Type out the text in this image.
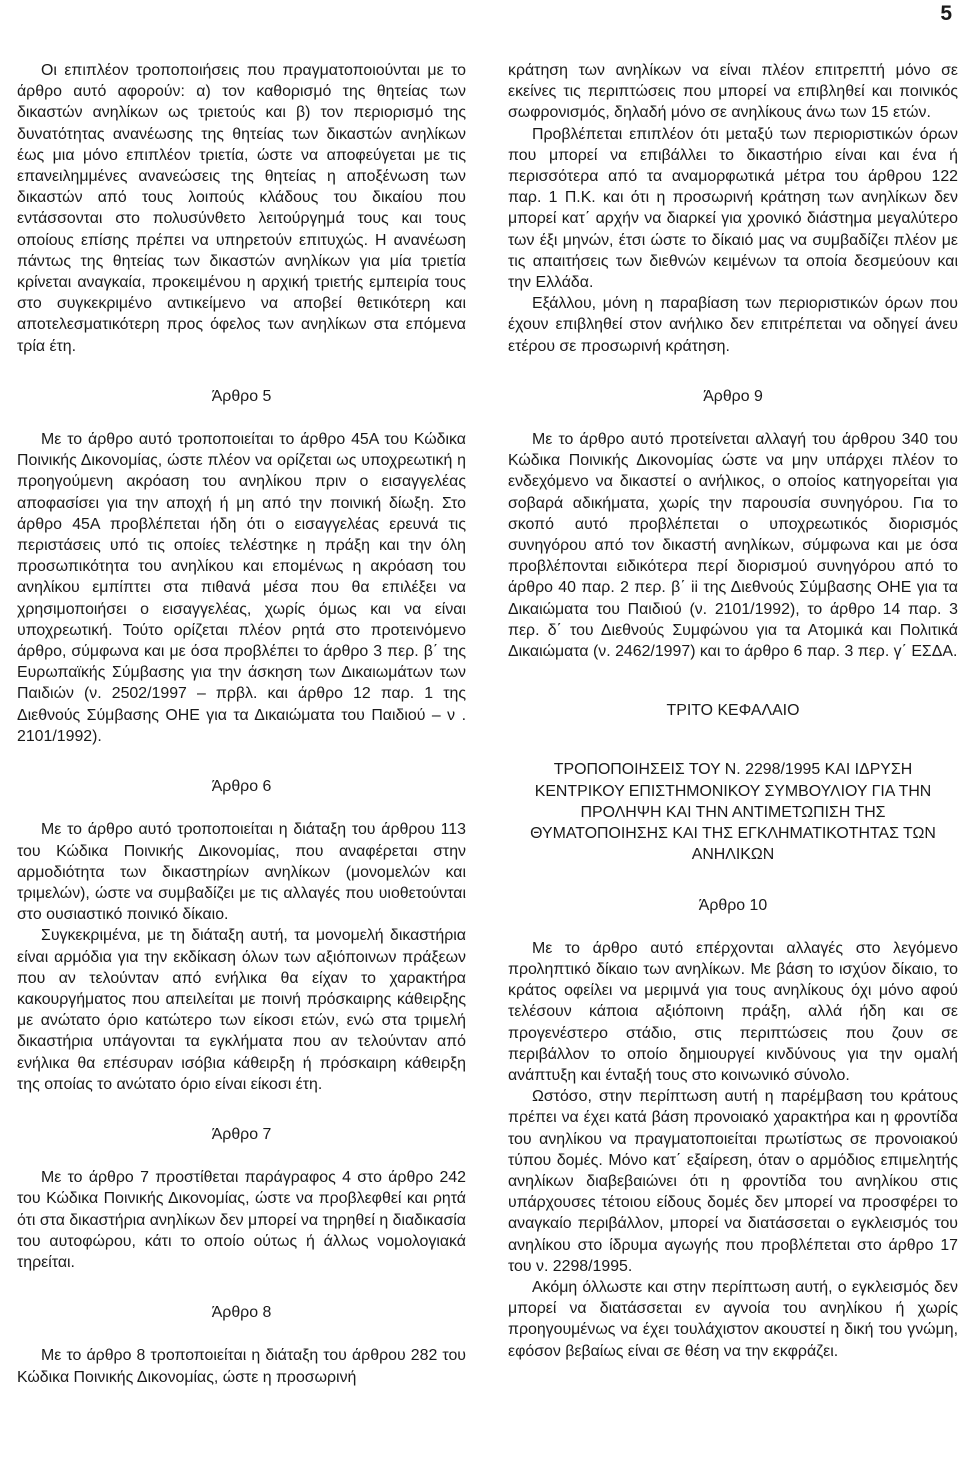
5

Οι επιπλέον τροποποιήσεις που πραγματοποιούνται με το άρθρο αυτό αφορούν: α) τον καθορισμό της θητείας των δικαστών ανηλίκων ως τριετούς και β) τον περιορισμό της δυνατότητας ανανέωσης της θητείας των δικαστών ανηλίκων έως μια μόνο επιπλέον τριετία, ώστε να αποφεύγεται με τις επανειλημμένες ανανεώσεις της θητείας η αποξένωση των δικαστών από τους λοιπούς κλάδους του δικαίου που εντάσσονται στο πολυσύνθετο λειτούργημά τους και τους οποίους επίσης πρέπει να υπηρετούν επιτυχώς. Η ανανέωση πάντως της θητείας των δικαστών ανηλίκων για μία τριετία κρίνεται αναγκαία, προκειμένου η αρχική τριετής εμπειρία τους στο συγκεκριμένο αντικείμενο να αποβεί θετικότερη και αποτελεσματικότερη προς όφελος των ανηλίκων στα επόμενα τρία έτη.

Άρθρο 5

Με το άρθρο αυτό τροποποιείται το άρθρο 45Α του Κώδικα Ποινικής Δικονομίας, ώστε πλέον να ορίζεται ως υποχρεωτική η προηγούμενη ακρόαση του ανηλίκου πριν ο εισαγγελέας αποφασίσει για την αποχή ή μη από την ποινική δίωξη. Στο άρθρο 45Α προβλέπεται ήδη ότι ο εισαγγελέας ερευνά τις περιστάσεις υπό τις οποίες τελέστηκε η πράξη και την όλη προσωπικότητα του ανηλίκου και επομένως η ακρόαση του ανηλίκου εμπίπτει στα πιθανά μέσα που θα επιλέξει να χρησιμοποιήσει ο εισαγγελέας, χωρίς όμως και να είναι υποχρεωτική. Τούτο ορίζεται πλέον ρητά στο προτεινόμενο άρθρο, σύμφωνα και με όσα προβλέπει το άρθρο 3 περ. β΄ της Ευρωπαϊκής Σύμβασης για την άσκηση των Δικαιωμάτων των Παιδιών (ν. 2502/1997 – πρβλ. και άρθρο 12 παρ. 1 της Διεθνούς Σύμβασης ΟΗΕ για τα Δικαιώματα του Παιδιού – ν . 2101/1992).

Άρθρο 6

Με το άρθρο αυτό τροποποιείται η διάταξη του άρθρου 113 του Κώδικα Ποινικής Δικονομίας, που αναφέρεται στην αρμοδιότητα των δικαστηρίων ανηλίκων (μονομελών και τριμελών), ώστε να συμβαδίζει με τις αλλαγές που υιοθετούνται στο ουσιαστικό ποινικό δίκαιο.

Συγκεκριμένα, με τη διάταξη αυτή, τα μονομελή δικαστήρια είναι αρμόδια για την εκδίκαση όλων των αξιόποινων πράξεων που αν τελούνταν από ενήλικα θα είχαν το χαρακτήρα κακουργήματος που απειλείται με ποινή πρόσκαιρης κάθειρξης με ανώτατο όριο κατώτερο των είκοσι ετών, ενώ στα τριμελή δικαστήρια υπάγονται τα εγκλήματα που αν τελούνταν από ενήλικα θα επέσυραν ισόβια κάθειρξη ή πρόσκαιρη κάθειρξη της οποίας το ανώτατο όριο είναι είκοσι έτη.

Άρθρο 7

Με το άρθρο 7 προστίθεται παράγραφος 4 στο άρθρο 242 του Κώδικα Ποινικής Δικονομίας, ώστε να προβλεφθεί και ρητά ότι στα δικαστήρια ανηλίκων δεν μπορεί να τηρηθεί η διαδικασία του αυτοφώρου, κάτι το οποίο ούτως ή άλλως νομολογιακά τηρείται.

Άρθρο 8

Με το άρθρο 8 τροποποιείται η διάταξη του άρθρου 282 του Κώδικα Ποινικής Δικονομίας, ώστε η προσωρινή

κράτηση των ανηλίκων να είναι πλέον επιτρεπτή μόνο σε εκείνες τις περιπτώσεις που μπορεί να επιβληθεί και ποινικός σωφρονισμός, δηλαδή μόνο σε ανηλίκους άνω των 15 ετών.

Προβλέπεται επιπλέον ότι μεταξύ των περιοριστικών όρων που μπορεί να επιβάλλει το δικαστήριο είναι και ένα ή περισσότερα από τα αναμορφωτικά μέτρα του άρθρου 122 παρ. 1 Π.Κ. και ότι η προσωρινή κράτηση των ανηλίκων δεν μπορεί κατ΄ αρχήν να διαρκεί για χρονικό διάστημα μεγαλύτερο των έξι μηνών, έτσι ώστε το δίκαιό μας να συμβαδίζει πλέον με τις απαιτήσεις των διεθνών κειμένων τα οποία δεσμεύουν και την Ελλάδα.

Εξάλλου, μόνη η παραβίαση των περιοριστικών όρων που έχουν επιβληθεί στον ανήλικο δεν επιτρέπεται να οδηγεί άνευ ετέρου σε προσωρινή κράτηση.

Άρθρο 9

Με το άρθρο αυτό προτείνεται αλλαγή του άρθρου 340 του Κώδικα Ποινικής Δικονομίας ώστε να μην υπάρχει πλέον το ενδεχόμενο να δικαστεί ο ανήλικος, ο οποίος κατηγορείται για σοβαρά αδικήματα, χωρίς την παρουσία συνηγόρου. Για το σκοπό αυτό προβλέπεται ο υποχρεωτικός διορισμός συνηγόρου από τον δικαστή ανηλίκων, σύμφωνα και με όσα προβλέπονται ειδικότερα περί διορισμού συνηγόρου από το άρθρο 40 παρ. 2 περ. β΄ ii της Διεθνούς Σύμβασης ΟΗΕ για τα Δικαιώματα του Παιδιού (ν. 2101/1992), το άρθρο 14 παρ. 3 περ. δ΄ του Διεθνούς Συμφώνου για τα Ατομικά και Πολιτικά Δικαιώματα (ν. 2462/1997) και το άρθρο 6 παρ. 3 περ. γ΄ ΕΣΔΑ.

ΤΡΙΤΟ ΚΕΦΑΛΑΙΟ

ΤΡΟΠΟΠΟΙΗΣΕΙΣ ΤΟΥ Ν. 2298/1995 ΚΑΙ ΙΔΡΥΣΗ ΚΕΝΤΡΙΚΟΥ ΕΠΙΣΤΗΜΟΝΙΚΟΥ ΣΥΜΒΟΥΛΙΟΥ ΓΙΑ ΤΗΝ ΠΡΟΛΗΨΗ ΚΑΙ ΤΗΝ ΑΝΤΙΜΕΤΩΠΙΣΗ ΤΗΣ ΘΥΜΑΤΟΠΟΙΗΣΗΣ ΚΑΙ ΤΗΣ ΕΓΚΛΗΜΑΤΙΚΟΤΗΤΑΣ ΤΩΝ ΑΝΗΛΙΚΩΝ

Άρθρο 10

Με το άρθρο αυτό επέρχονται αλλαγές στο λεγόμενο προληπτικό δίκαιο των ανηλίκων. Με βάση το ισχύον δίκαιο, το κράτος οφείλει να μεριμνά για τους ανηλίκους όχι μόνο αφού τελέσουν κάποια αξιόποινη πράξη, αλλά ήδη και σε προγενέστερο στάδιο, στις περιπτώσεις που ζουν σε περιβάλλον το οποίο δημιουργεί κινδύνους για την ομαλή ανάπτυξη και ένταξή τους στο κοινωνικό σύνολο.

Ωστόσο, στην περίπτωση αυτή η παρέμβαση του κράτους πρέπει να έχει κατά βάση προνοιακό χαρακτήρα και η φροντίδα του ανηλίκου να πραγματοποιείται πρωτίστως σε προνοιακού τύπου δομές. Μόνο κατ΄ εξαίρεση, όταν ο αρμόδιος επιμελητής ανηλίκων διαβεβαιώνει ότι η φροντίδα του ανηλίκου στις υπάρχουσες τέτοιου είδους δομές δεν μπορεί να προσφέρει το αναγκαίο περιβάλλον, μπορεί να διατάσσεται ο εγκλεισμός του ανηλίκου στο ίδρυμα αγωγής που προβλέπεται στο άρθρο 17 του ν. 2298/1995.

Ακόμη όλλωστε και στην περίπτωση αυτή, ο εγκλεισμός δεν μπορεί να διατάσσεται εν αγνοία του ανηλίκου ή χωρίς προηγουμένως να έχει τουλάχιστον ακουστεί η δική του γνώμη, εφόσον βεβαίως είναι σε θέση να την εκφράζει.
